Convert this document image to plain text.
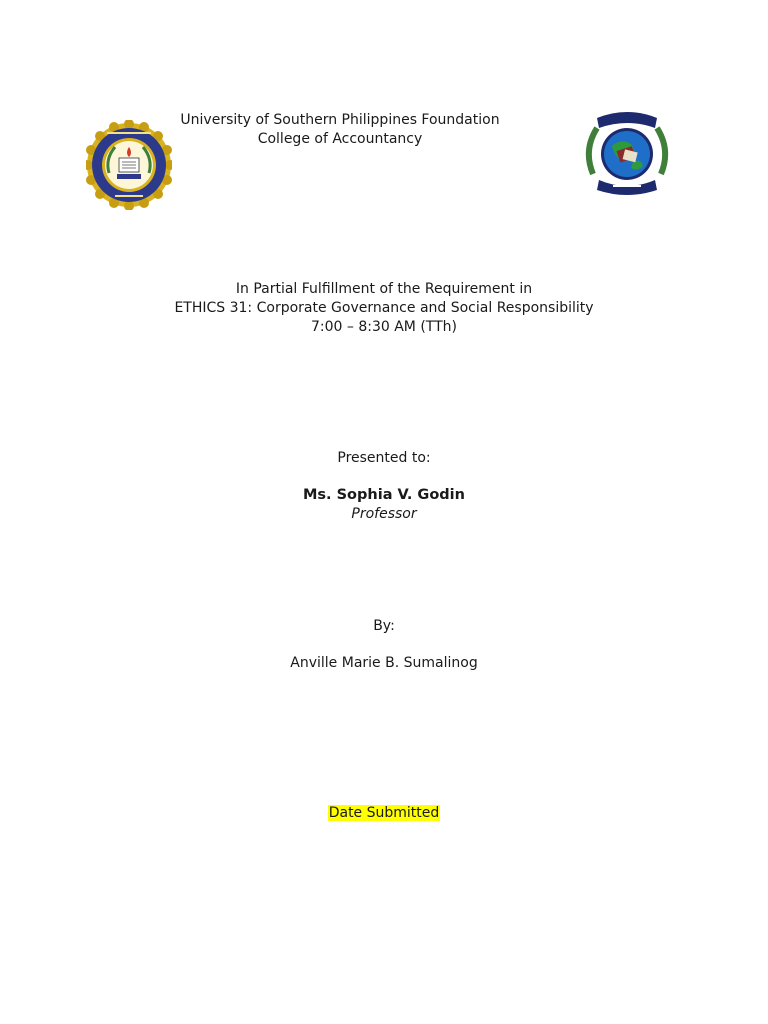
University of Southern Philippines Foundation
College of Accountancy
In Partial Fulfillment of the Requirement in
ETHICS 31: Corporate Governance and Social Responsibility
7:00 – 8:30 AM (TTh)
Presented to:
Ms. Sophia V. Godin
Professor
By:
Anville Marie B. Sumalinog
Date Submitted
